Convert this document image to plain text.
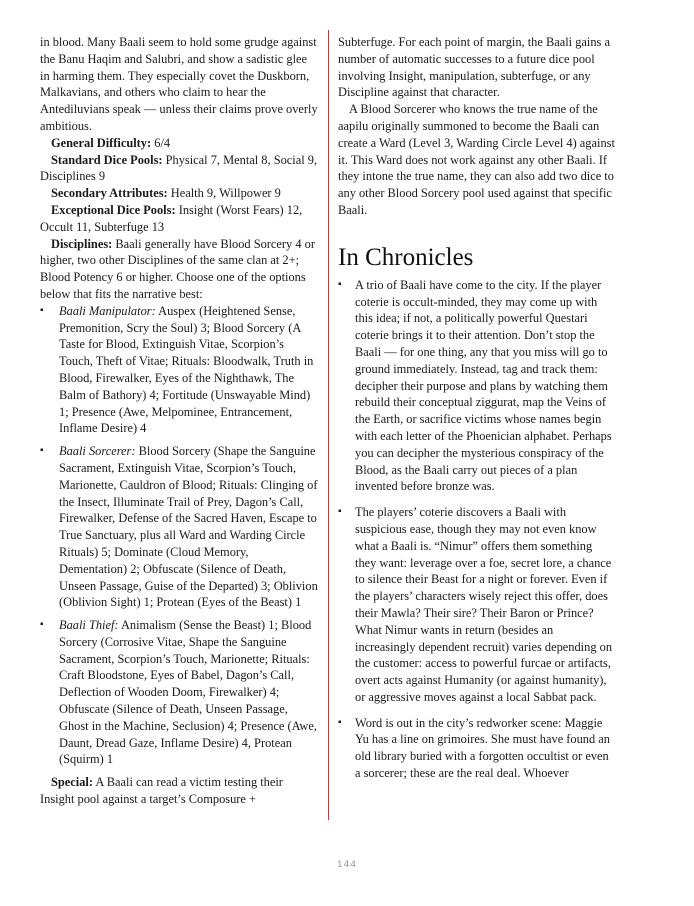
in blood. Many Baali seem to hold some grudge against the Banu Haqim and Salubri, and show a sadistic glee in harming them. They especially covet the Duskborn, Malkavians, and others who claim to hear the Antediluvians speak — unless their claims prove overly ambitious.

General Difficulty: 6/4

Standard Dice Pools: Physical 7, Mental 8, Social 9, Disciplines 9

Secondary Attributes: Health 9, Willpower 9

Exceptional Dice Pools: Insight (Worst Fears) 12, Occult 11, Subterfuge 13

Disciplines: Baali generally have Blood Sorcery 4 or higher, two other Disciplines of the same clan at 2+; Blood Potency 6 or higher. Choose one of the options below that fits the narrative best:

▪ Baali Manipulator: Auspex (Heightened Sense, Premonition, Scry the Soul) 3; Blood Sorcery (A Taste for Blood, Extinguish Vitae, Scorpion’s Touch, Theft of Vitae; Rituals: Bloodwalk, Truth in Blood, Firewalker, Eyes of the Nighthawk, The Balm of Bathory) 4; Fortitude (Unswayable Mind) 1; Presence (Awe, Melpominee, Entrancement, Inflame Desire) 4
▪ Baali Sorcerer: Blood Sorcery (Shape the Sanguine Sacrament, Extinguish Vitae, Scorpion’s Touch, Marionette, Cauldron of Blood; Rituals: Clinging of the Insect, Illuminate Trail of Prey, Dagon’s Call, Firewalker, Defense of the Sacred Haven, Escape to True Sanctuary, plus all Ward and Warding Circle Rituals) 5; Dominate (Cloud Memory, Dementation) 2; Obfuscate (Silence of Death, Unseen Passage, Guise of the Departed) 3; Oblivion (Oblivion Sight) 1; Protean (Eyes of the Beast) 1
▪ Baali Thief: Animalism (Sense the Beast) 1; Blood Sorcery (Corrosive Vitae, Shape the Sanguine Sacrament, Scorpion’s Touch, Marionette; Rituals: Craft Bloodstone, Eyes of Babel, Dagon’s Call, Deflection of Wooden Doom, Firewalker) 4; Obfuscate (Silence of Death, Unseen Passage, Ghost in the Machine, Seclusion) 4; Presence (Awe, Daunt, Dread Gaze, Inflame Desire) 4, Protean (Squirm) 1

Special: A Baali can read a victim testing their Insight pool against a target’s Composure +

Subterfuge. For each point of margin, the Baali gains a number of automatic successes to a future dice pool involving Insight, manipulation, subterfuge, or any Discipline against that character.

A Blood Sorcerer who knows the true name of the aapilu originally summoned to become the Baali can create a Ward (Level 3, Warding Circle Level 4) against it. This Ward does not work against any other Baali. If they intone the true name, they can also add two dice to any other Blood Sorcery pool used against that specific Baali.

In Chronicles
▪ A trio of Baali have come to the city. If the player coterie is occult-minded, they may come up with this idea; if not, a politically powerful Questari coterie brings it to their attention. Don’t stop the Baali — for one thing, any that you miss will go to ground immediately. Instead, tag and track them: decipher their purpose and plans by watching them rebuild their conceptual ziggurat, map the Veins of the Earth, or sacrifice victims whose names begin with each letter of the Phoenician alphabet. Perhaps you can decipher the mysterious conspiracy of the Blood, as the Baali carry out pieces of a plan invented before bronze was.
▪ The players’ coterie discovers a Baali with suspicious ease, though they may not even know what a Baali is. “Nimur” offers them something they want: leverage over a foe, secret lore, a chance to silence their Beast for a night or forever. Even if the players’ characters wisely reject this offer, does their Mawla? Their sire? Their Baron or Prince? What Nimur wants in return (besides an increasingly dependent recruit) varies depending on the customer: access to powerful furcae or artifacts, overt acts against Humanity (or against humanity), or aggressive moves against a local Sabbat pack.
▪ Word is out in the city’s redworker scene: Maggie Yu has a line on grimoires. She must have found an old library buried with a forgotten occultist or even a sorcerer; these are the real deal. Whoever
144
